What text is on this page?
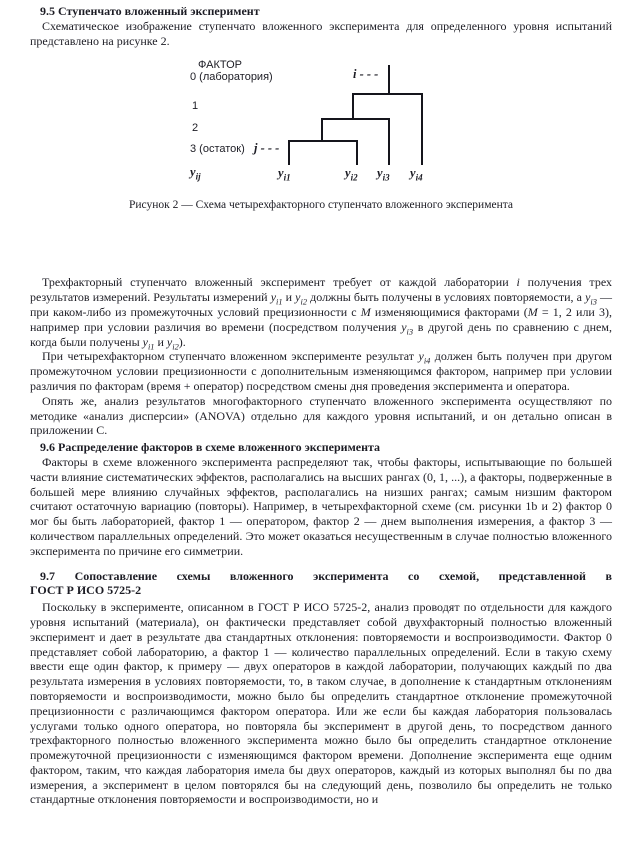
9.5 Ступенчато вложенный эксперимент

Схематическое изображение ступенчато вложенного эксперимента для определенного уровня испытаний представлено на рисунке 2.

ФАКТОР
0 (лаборатория)
1
2
3 (остаток) j - - -
i - - -
$y_{ij}$	$y_{i1}$	$y_{i2}$ $y_{i3}$ $y_{i4}$
Рисунок 2 — Схема четырехфакторного ступенчато вложенного эксперимента

Трехфакторный ступенчато вложенный эксперимент требует от каждой лаборатории i получения трех результатов измерений. Результаты измерений $y_{i1}$ и $y_{i2}$ должны быть получены в условиях повторяемости, а $y_{i3}$ — при каком-либо из промежуточных условий прецизионности с M изменяющимися факторами (M = 1, 2 или 3), например при условии различия во времени (посредством получения $y_{i3}$ в другой день по сравнению с днем, когда были получены $y_{i1}$ и $y_{i2}$).

При четырехфакторном ступенчато вложенном эксперименте результат $y_{i4}$ должен быть получен при другом промежуточном условии прецизионности с дополнительным изменяющимся фактором, например при условии различия по факторам (время + оператор) посредством смены дня проведения эксперимента и оператора.

Опять же, анализ результатов многофакторного ступенчато вложенного эксперимента осуществляют по методике «анализ дисперсии» (ANOVA) отдельно для каждого уровня испытаний, и он детально описан в приложении С.

9.6 Распределение факторов в схеме вложенного эксперимента

Факторы в схеме вложенного эксперимента распределяют так, чтобы факторы, испытывающие по большей части влияние систематических эффектов, располагались на высших рангах (0, 1, ...), а факторы, подверженные в большей мере влиянию случайных эффектов, располагались на низших рангах; самым низшим фактором считают остаточную вариацию (повторы). Например, в четырехфакторной схеме (см. рисунки 1b и 2) фактор 0 мог бы быть лабораторией, фактор 1 — оператором, фактор 2 — днем выполнения измерения, а фактор 3 — количеством параллельных определений. Это может оказаться несущественным в случае полностью вложенного эксперимента по причине его симметрии.

9.7 Сопоставление схемы вложенного эксперимента со схемой, представленной в
ГОСТ Р ИСО 5725-2

Поскольку в эксперименте, описанном в ГОСТ Р ИСО 5725-2, анализ проводят по отдельности для каждого уровня испытаний (материала), он фактически представляет собой двухфакторный полностью вложенный эксперимент и дает в результате два стандартных отклонения: повторяемости и воспроизводимости. Фактор 0 представляет собой лабораторию, а фактор 1 — количество параллельных определений. Если в такую схему ввести еще один фактор, к примеру — двух операторов в каждой лаборатории, получающих каждый по два результата измерения в условиях повторяемости, то, в таком случае, в дополнение к стандартным отклонениям повторяемости и воспроизводимости, можно было бы определить стандартное отклонение промежуточной прецизионности с различающимся фактором оператора. Или же если бы каждая лаборатория пользовалась услугами только одного оператора, но повторяла бы эксперимент в другой день, то посредством данного трехфакторного полностью вложенного эксперимента можно было бы определить стандартное отклонение промежуточной прецизионности с изменяющимся фактором времени. Дополнение эксперимента еще одним фактором, таким, что каждая лаборатория имела бы двух операторов, каждый из которых выполнял бы по два измерения, а эксперимент в целом повторялся бы на следующий день, позволило бы определить не только стандартные отклонения повторяемости и воспроизводимости, но и
